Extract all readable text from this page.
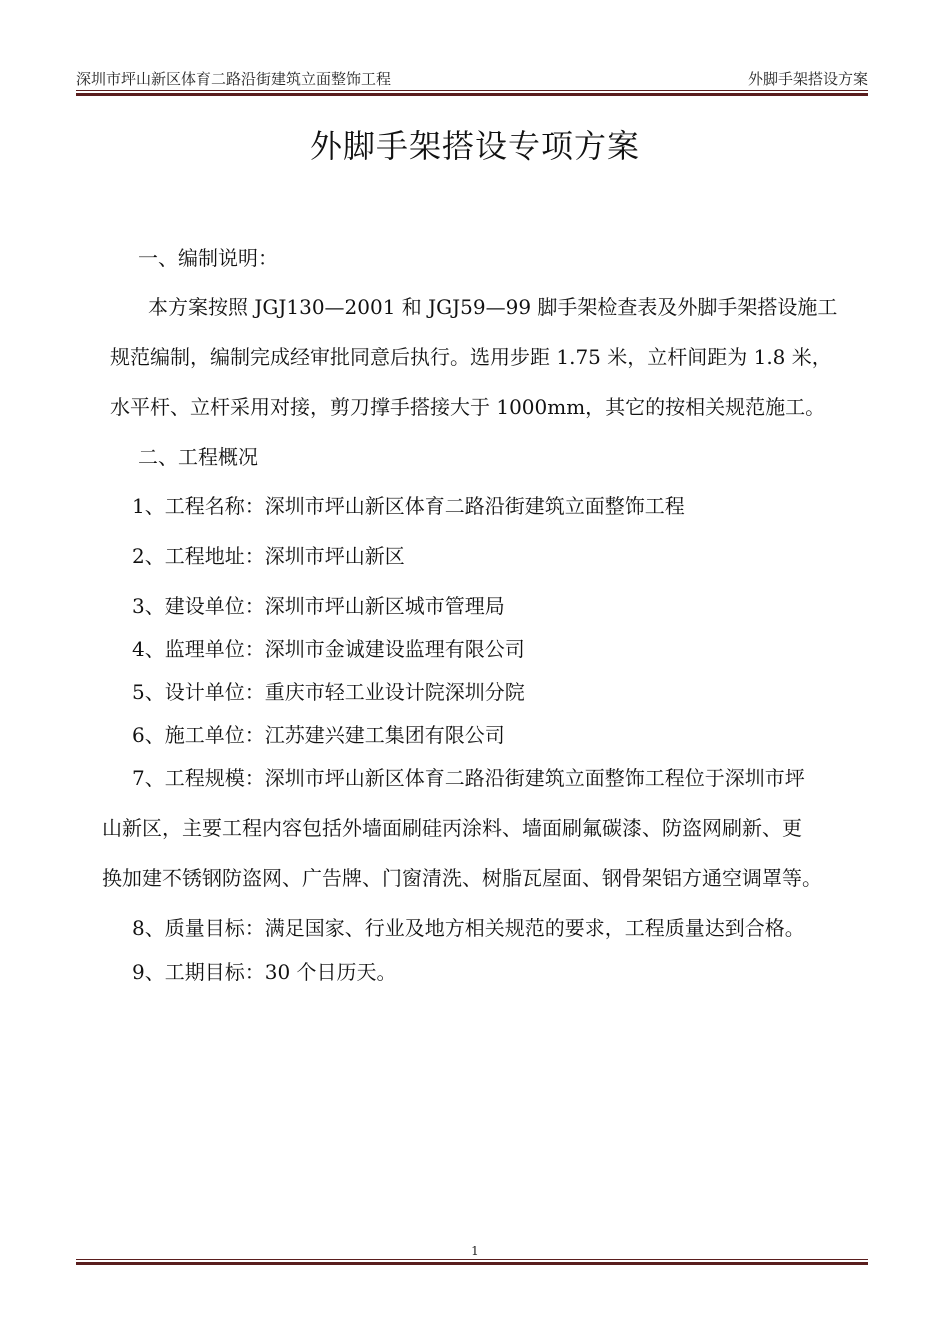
深圳市坪山新区体育二路沿街建筑立面整饰工程	外脚手架搭设方案
外脚手架搭设专项方案
一、编制说明：
本方案按照 JGJ130—2001 和 JGJ59—99 脚手架检查表及外脚手架搭设施工
规范编制，编制完成经审批同意后执行。选用步距 1.75 米，立杆间距为 1.8 米，
水平杆、立杆采用对接，剪刀撑手搭接大于 1000mm，其它的按相关规范施工。
二、工程概况
1、工程名称：深圳市坪山新区体育二路沿街建筑立面整饰工程
2、工程地址：深圳市坪山新区
3、建设单位：深圳市坪山新区城市管理局
4、监理单位：深圳市金诚建设监理有限公司
5、设计单位：重庆市轻工业设计院深圳分院
6、施工单位：江苏建兴建工集团有限公司
7、工程规模：深圳市坪山新区体育二路沿街建筑立面整饰工程位于深圳市坪
山新区，主要工程内容包括外墙面刷硅丙涂料、墙面刷氟碳漆、防盗网刷新、更
换加建不锈钢防盗网、广告牌、门窗清洗、树脂瓦屋面、钢骨架铝方通空调罩等。
8、质量目标：满足国家、行业及地方相关规范的要求，工程质量达到合格。
9、工期目标：30 个日历天。
1
